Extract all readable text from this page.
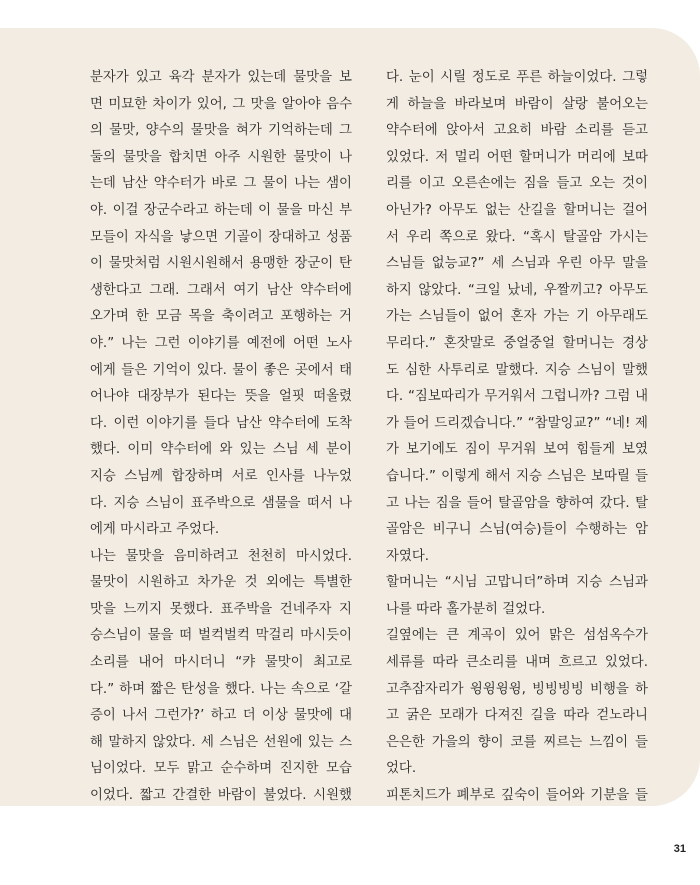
분자가 있고 육각 분자가 있는데 물맛을 보

면 미묘한 차이가 있어, 그 맛을 알아야 음수

의 물맛, 양수의 물맛을 혀가 기억하는데 그

둘의 물맛을 합치면 아주 시원한 물맛이 나

는데 남산 약수터가 바로 그 물이 나는 샘이

야. 이걸 장군수라고 하는데 이 물을 마신 부

모들이 자식을 낳으면 기골이 장대하고 성품

이 물맛처럼 시원시원해서 용맹한 장군이 탄

생한다고 그래. 그래서 여기 남산 약수터에

오가며 한 모금 목을 축이려고 포행하는 거

야.” 나는 그런 이야기를 예전에 어떤 노사

에게 들은 기억이 있다. 물이 좋은 곳에서 태

어나야 대장부가 된다는 뜻을 얼핏 떠올렸

다. 이런 이야기를 들다 남산 약수터에 도착

했다. 이미 약수터에 와 있는 스님 세 분이

지승 스님께 합장하며 서로 인사를 나누었

다. 지승 스님이 표주박으로 샘물을 떠서 나

에게 마시라고 주었다.

나는 물맛을 음미하려고 천천히 마시었다.

물맛이 시원하고 차가운 것 외에는 특별한

맛을 느끼지 못했다. 표주박을 건네주자 지

승스님이 물을 떠 벌컥벌컥 막걸리 마시듯이

소리를 내어 마시더니 “캬 물맛이 최고로

다.” 하며 짧은 탄성을 했다. 나는 속으로 ‘갈

증이 나서 그런가?’ 하고 더 이상 물맛에 대

해 말하지 않았다. 세 스님은 선원에 있는 스

님이었다. 모두 맑고 순수하며 진지한 모습

이었다. 짧고 간결한 바람이 불었다. 시원했

다. 눈이 시릴 정도로 푸른 하늘이었다. 그렇

게 하늘을 바라보며 바람이 살랑 불어오는

약수터에 앉아서 고요히 바람 소리를 듣고

있었다. 저 멀리 어떤 할머니가 머리에 보따

리를 이고 오른손에는 짐을 들고 오는 것이

아닌가? 아무도 없는 산길을 할머니는 걸어

서 우리 쪽으로 왔다. “혹시 탈골암 가시는

스님들 없능교?” 세 스님과 우린 아무 말을

하지 않았다. “크일 났네, 우짤끼고? 아무도

가는 스님들이 없어 혼자 가는 기 아무래도

무리다.” 혼잣말로 중얼중얼 할머니는 경상

도 심한 사투리로 말했다. 지승 스님이 말했

다. “짐보따리가 무거워서 그럽니까? 그럼 내

가 들어 드리겠습니다.” “참말잉교?” “네! 제

가 보기에도 짐이 무거워 보여 힘들게 보였

습니다.” 이렇게 해서 지승 스님은 보따릴 들

고 나는 짐을 들어 탈골암을 향하여 갔다. 탈

골암은 비구니 스님(여승)들이 수행하는 암

자였다.

할머니는 “시님 고맙니더”하며 지승 스님과

나를 따라 홀가분히 걸었다.

길옆에는 큰 계곡이 있어 맑은 섬섬옥수가

세류를 따라 큰소리를 내며 흐르고 있었다.

고추잠자리가 윙윙윙윙, 빙빙빙빙 비행을 하

고 굵은 모래가 다져진 길을 따라 걷노라니

은은한 가을의 향이 코를 찌르는 느낌이 들

었다.

피톤치드가 폐부로 깊숙이 들어와 기분을 들

31
